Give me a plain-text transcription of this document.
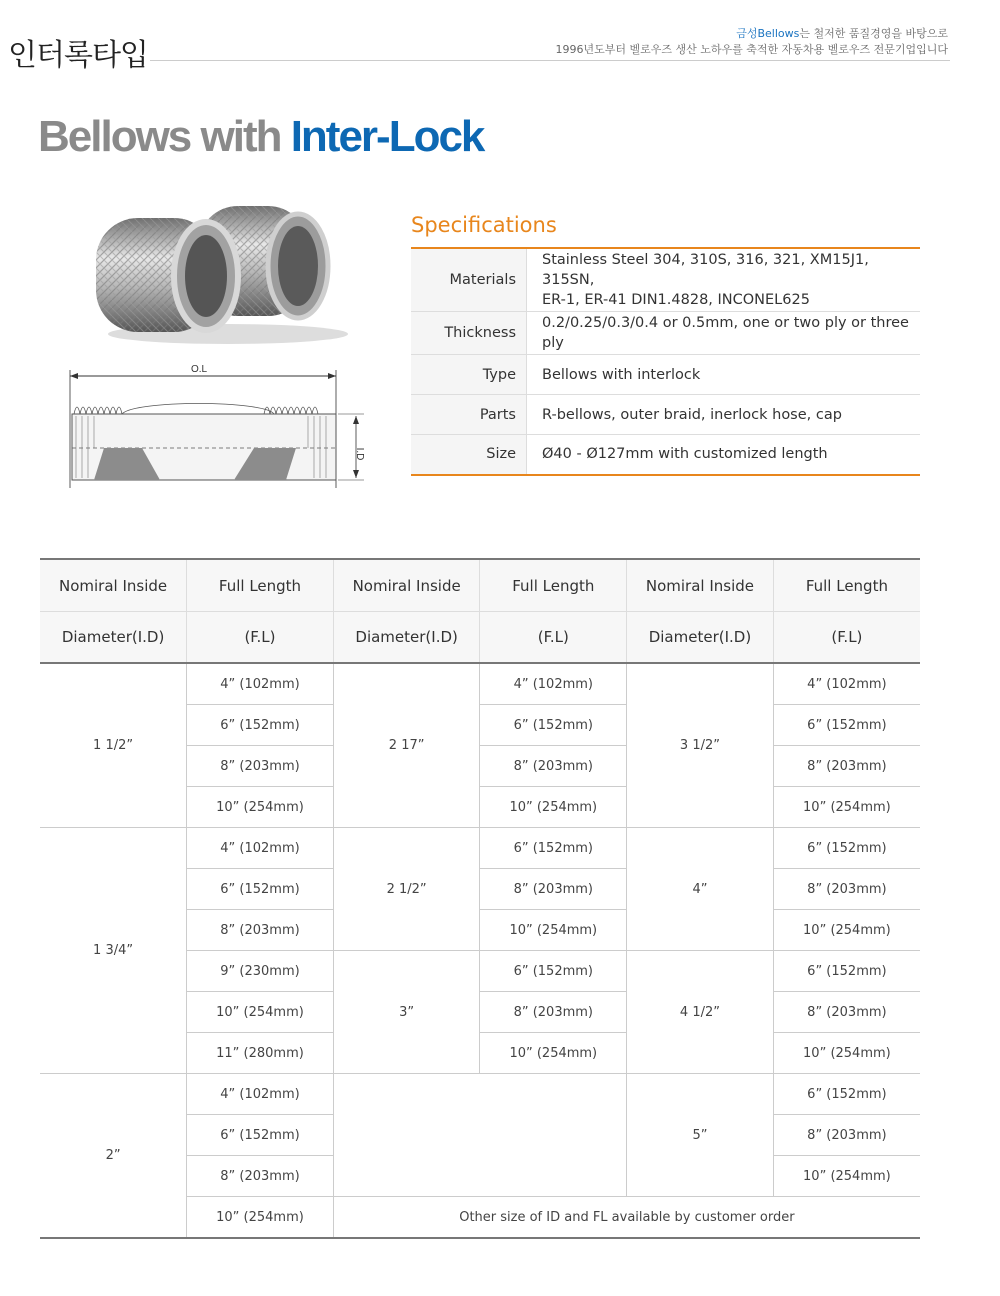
인터록타입
금성Bellows는 철저한 품질경영을 바탕으로
1996년도부터 벨로우즈 생산 노하우를 축적한 자동차용 벨로우즈 전문기업입니다
Bellows with Inter-Lock
O.L
I.D
Specifications
Materials	Stainless Steel 304, 310S, 316, 321, XM15J1, 315SN,
ER-1, ER-41 DIN1.4828, INCONEL625

Thickness	0.2/0.25/0.3/0.4 or 0.5mm, one or two ply or three ply
Type	Bellows with interlock
Parts	R-bellows, outer braid, inerlock hose, cap
Size	Ø40 - Ø127mm with customized length
Nomiral Inside	Full Length	Nomiral Inside	Full Length	Nomiral Inside	Full Length
Diameter(I.D)	(F.L)	Diameter(I.D)	(F.L)	Diameter(I.D)	(F.L)
1 1/2”	4” (102mm)	2 17”	4” (102mm)	3 1/2”	4” (102mm)
	6” (152mm)		6” (152mm)		6” (152mm)
	8” (203mm)		8” (203mm)		8” (203mm)
	10” (254mm)		10” (254mm)		10” (254mm)
1 3/4”	4” (102mm)	2 1/2”	6” (152mm)	4”	6” (152mm)
	6” (152mm)		8” (203mm)		8” (203mm)
	8” (203mm)		10” (254mm)		10” (254mm)
	9” (230mm)	3”	6” (152mm)	4 1/2”	6” (152mm)
	10” (254mm)		8” (203mm)		8” (203mm)
	11” (280mm)		10” (254mm)		10” (254mm)
2”	4” (102mm)			5”	6” (152mm)
	6” (152mm)				8” (203mm)
	8” (203mm)				10” (254mm)
	10” (254mm)	Other size of ID and FL available by customer order			
